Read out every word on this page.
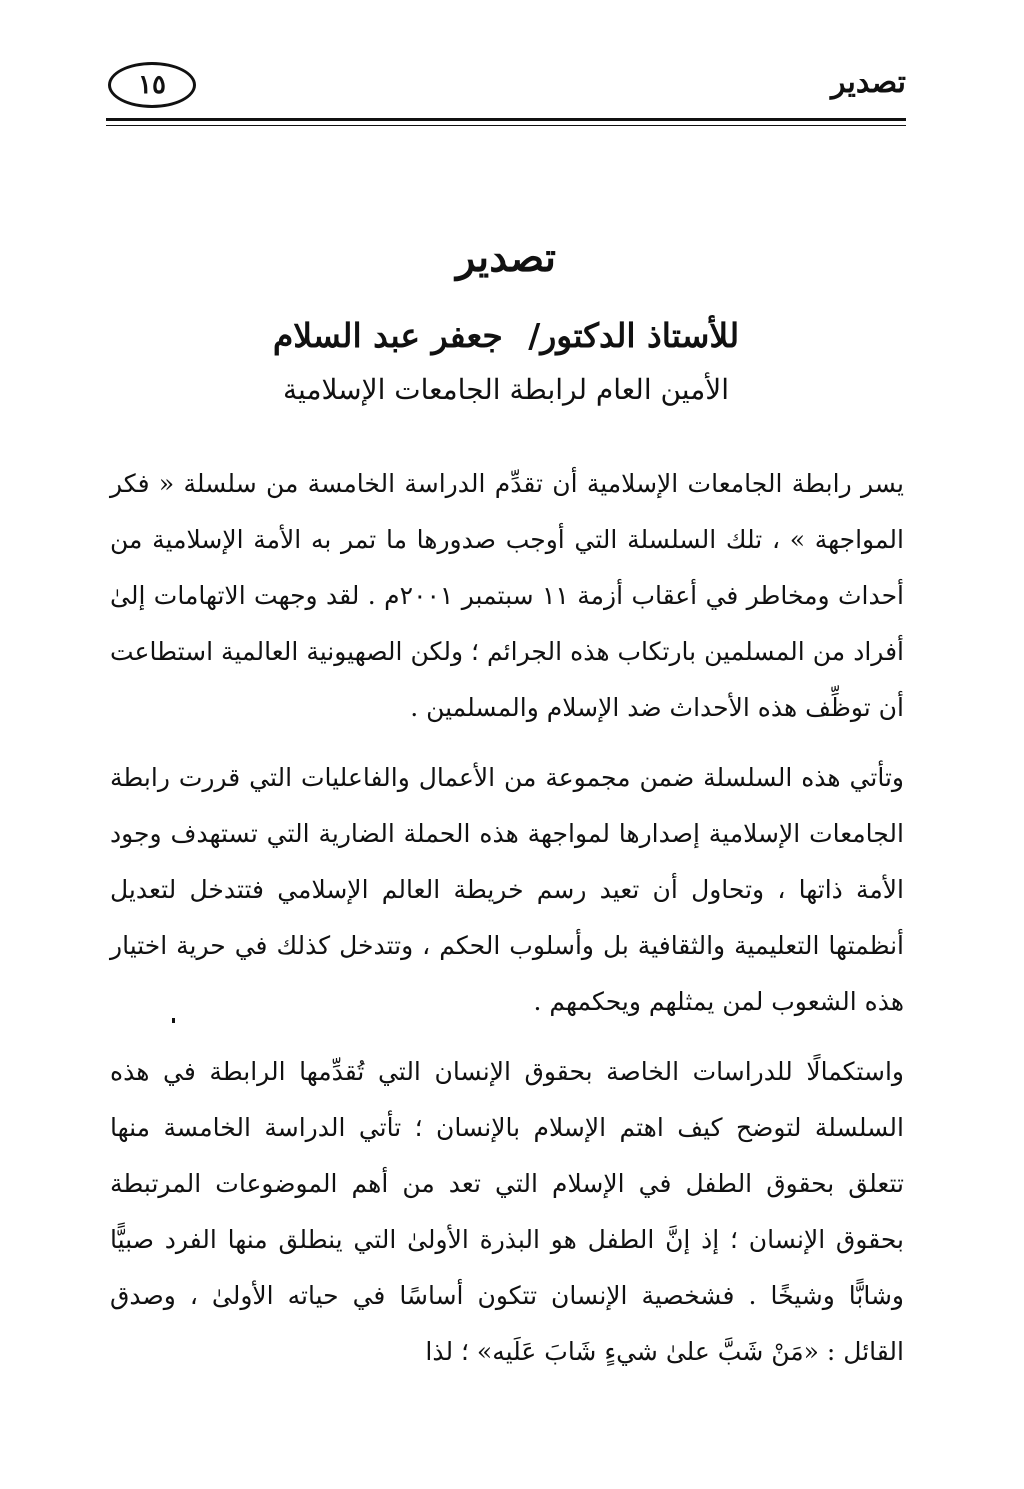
تصدير
١٥
تصدير
للأستاذ الدكتور/ جعفر عبد السلام
الأمين العام لرابطة الجامعات الإسلامية

يسر رابطة الجامعات الإسلامية أن تقدِّم الدراسة الخامسة من سلسلة « فكر المواجهة » ، تلك السلسلة التي أوجب صدورها ما تمر به الأمة الإسلامية من أحداث ومخاطر في أعقاب أزمة ١١ سبتمبر ٢٠٠١م . لقد وجهت الاتهامات إلىٰ أفراد من المسلمين بارتكاب هذه الجرائم ؛ ولكن الصهيونية العالمية استطاعت أن توظِّف هذه الأحداث ضد الإسلام والمسلمين .

وتأتي هذه السلسلة ضمن مجموعة من الأعمال والفاعليات التي قررت رابطة الجامعات الإسلامية إصدارها لمواجهة هذه الحملة الضارية التي تستهدف وجود الأمة ذاتها ، وتحاول أن تعيد رسم خريطة العالم الإسلامي فتتدخل لتعديل أنظمتها التعليمية والثقافية بل وأسلوب الحكم ، وتتدخل كذلك في حرية اختيار هذه الشعوب لمن يمثلهم ويحكمهم .

واستكمالًا للدراسات الخاصة بحقوق الإنسان التي تُقدِّمها الرابطة في هذه السلسلة لتوضح كيف اهتم الإسلام بالإنسان ؛ تأتي الدراسة الخامسة منها تتعلق بحقوق الطفل في الإسلام التي تعد من أهم الموضوعات المرتبطة بحقوق الإنسان ؛ إذ إنَّ الطفل هو البذرة الأولىٰ التي ينطلق منها الفرد صبيًّا وشابًّا وشيخًا . فشخصية الإنسان تتكون أساسًا في حياته الأولىٰ ، وصدق القائل : «مَنْ شَبَّ علىٰ شيءٍ شَابَ عَلَيه» ؛ لذا
